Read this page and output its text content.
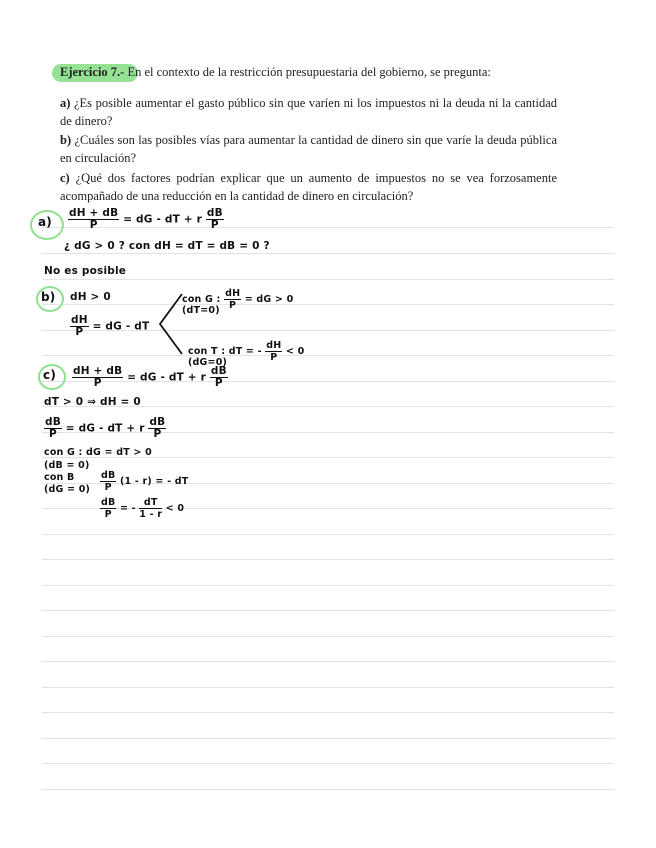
Ejercicio 7.- En el contexto de la restricción presupuestaria del gobierno, se pregunta:
a) ¿Es posible aumentar el gasto público sin que varíen ni los impuestos ni la deuda ni la cantidad de dinero?
b) ¿Cuáles son las posibles vías para aumentar la cantidad de dinero sin que varíe la deuda pública en circulación?
c) ¿Qué dos factores podrían explicar que un aumento de impuestos no se vea forzosamente acompañado de una reducción en la cantidad de dinero en circulación?
$a) \frac{dH + dB}{P}$ = dG - dT + r $\frac{dB}{P}$
¿ dG > 0 ? con dH = dT = dB = 0 ?
No es posible
b) dH > 0
$\frac{dH}{P}$ = dG - dT
con G : $\frac{dH}{P}$ = dG > 0
(dT=0)
con T : dT = - $\frac{dH}{P} < 0$
(dG=0)
$c) \frac{dH + dB}{P}$ = dG - dT + r $\frac{dB}{P}$
dT > 0 ⇒ dH = 0
$\frac{dB}{P}$ = dG - dT + r $\frac{dB}{P}$
con G : dG = dT > 0
(dB = 0)
con B
$(dG = 0) \frac{dB}{P} (1 - r)$ = - dT
$\frac{dB}{P}$ = - $\frac{dT}{1 - r} < 0$
